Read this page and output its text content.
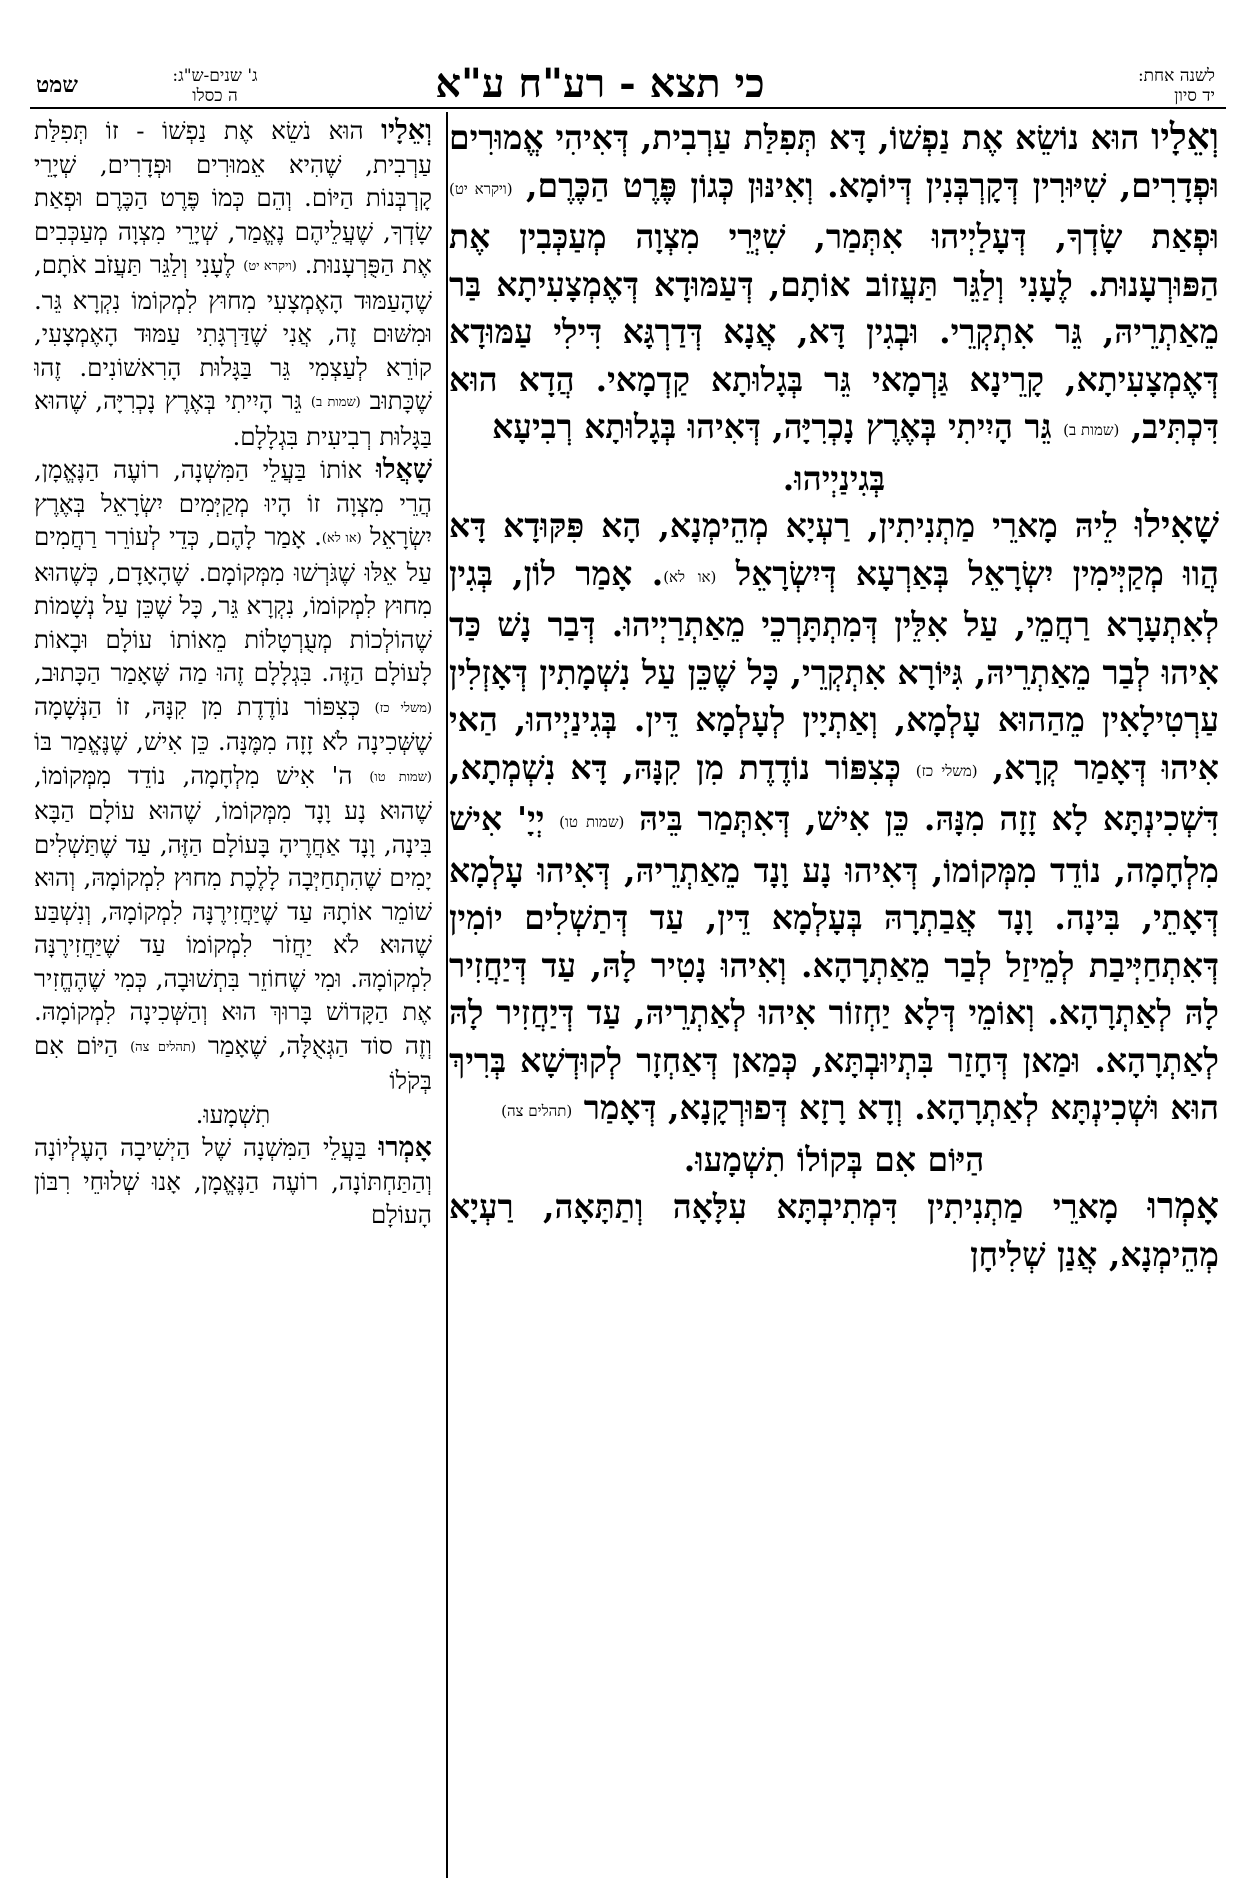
לשנה אחת:
יד סיון
כי תצא - רע"ח ע"א
ג' שנים-ש"ג:
ה כסלו
שמט

וְאֵלָיו הוּא נוֹשֵׂא אֶת נַפְשׁוֹ, דָּא תְּפִלַּת עַרְבִית, דְּאִיהִי אֱמוּרִים וּפְדָרִים, שִׁיּוּרִין דְּקָרְבְּנִין דְּיוֹמָא. וְאִינּוּן כְּגוֹן פֶּרֶט הַכֶּרֶם, (ויקרא יט) וּפְאַת שָׂדְךָ, דְּעָלַיְיהוּ אִתְּמַר, שִׁיְּרֵי מִצְוָה מְעַכְּבִין אֶת הַפּוּרְעָנוּת. לֶעָנִי וְלַגֵּר תַּעֲזוֹב אוֹתָם, דְּעַמּוּדָא דְּאֶמְצָעִיתָא בַּר מֵאַתְרֵיהּ, גֵּר אִתְקְרֵי. וּבְגִין דָּא, אֲנָא דְּדַרְגָּא דִּילִי עַמּוּדָא דְּאֶמְצָעִיתָא, קָרֵינָא גַּרְמָאי גֵּר בְּגָלוּתָא קַדְמָאי. הֲדָא הוּא דִּכְתִּיב, (שמות ב) גֵּר הָיִיתִי בְּאֶרֶץ נָכְרִיָּה, דְּאִיהוּ בְּגָלוּתָא רְבִיעָא

בְּגִינַיְיהוּ.

שָׁאִילוּ לֵיהּ מָארֵי מַתְנִיתִין, רַעְיָא מְהֵימְנָא, הָא פִּקּוּדָא דָּא הֲווּ מְקַיְּימִין יִשְׂרָאֵל בְּאַרְעָא דְּיִשְׂרָאֵל (או לא). אָמַר לוֹן, בְּגִין לְאִתְעָרָא רַחֲמֵי, עַל אִלֵּין דְּמִתְתָּרְכֵי מֵאַתְרַיְיהוּ. דְּבַר נָשׁ כַּד אִיהוּ לְבַר מֵאַתְרֵיהּ, גִּיּוֹרָא אִתְקְרֵי, כָּל שֶׁכֵּן עַל נִשְׁמָתִין דְּאָזְלִין עַרְטִילָאִין מֵהַהוּא עָלְמָא, וְאַתְיָין לְעָלְמָא דֵּין. בְּגִינַיְיהוּ, הַאי אִיהוּ דְּאָמַר קְרָא, (משלי כז) כְּצִפּוֹר נוֹדֶדֶת מִן קִנָּהּ, דָּא נִשְׁמְתָא, דִּשְׁכִינְתָּא לָא זָזָה מִנָּהּ. כֵּן אִישׁ, דְּאִתְּמַר בֵּיהּ (שמות טו) יְיָ' אִישׁ מִלְחָמָה, נוֹדֵד מִמְּקוֹמוֹ, דְּאִיהוּ נָע וָנָד מֵאַתְרֵיהּ, דְּאִיהוּ עָלְמָא דְּאָתֵי, בִּינָה. וָנָד אֲבַתְרָהּ בְּעָלְמָא דֵּין, עַד דְּתַשְׁלִים יוֹמִין דְּאִתְחַיְּיבַת לְמֵיזַל לְבַר מֵאַתְרָהָא. וְאִיהוּ נָטִיר לָהּ, עַד דְּיַחֲזִיר לָהּ לְאַתְרָהָא. וְאוֹמֵי דְּלָא יַחְזוֹר אִיהוּ לְאַתְרֵיהּ, עַד דְּיַחֲזִיר לָהּ לְאַתְרָהָא. וּמַאן דְּחָזַר בִּתְיוּבְתָּא, כְּמַאן דְּאַחְזָר לְקוּדְשָׁא בְּרִיךְ הוּא וּשְׁכִינְתָּא לְאַתְרָהָא. וְדָא רָזָא דְּפוּרְקָנָא, דְּאָמַר (תהלים צה)

הַיּוֹם אִם בְּקוֹלוֹ תִשְׁמָעוּ.

אָמְרוּ מָארֵי מַתְנִיתִין דִּמְתִיבְתָּא עִלָּאָה וְתַתָּאָה, רַעְיָא מְהֵימְנָא, אֲנַן שְׁלִיחָן

וְאֵלָיו הוּא נֹשֵׂא אֶת נַפְשׁוֹ - זוֹ תְּפִלַּת עַרְבִית, שֶׁהִיא אֵמוּרִים וּפְדָרִים, שְׁיָרֵי קָרְבְּנוֹת הַיּוֹם. וְהֵם כְּמוֹ פֶּרֶט הַכֶּרֶם וּפְאַת שָׂדְךָ, שֶׁעֲלֵיהֶם נֶאֱמַר, שְׁיָרֵי מִצְוָה מְעַכְּבִים אֶת הַפֻּרְעָנוּת. (ויקרא יט) לֶעָנִי וְלַגֵּר תַּעֲזֹב אֹתָם, שֶׁהָעַמּוּד הָאֶמְצָעִי מִחוּץ לִמְקוֹמוֹ נִקְרָא גֵּר. וּמִשּׁוּם זֶה, אֲנִי שֶׁדַּרְגָּתִי עַמּוּד הָאֶמְצָעִי, קוֹרֵא לְעַצְמִי גֵּר בַּגָּלוּת הָרִאשׁוֹנִים. זֶהוּ שֶׁכָּתוּב (שמות ב) גֵּר הָיִיתִי בְּאֶרֶץ נָכְרִיָּה, שֶׁהוּא בַּגָּלוּת רְבִיעִית בִּגְלָלָם.

שָׁאֲלוּ אוֹתוֹ בַּעֲלֵי הַמִּשְׁנָה, רוֹעֶה הַנֶּאֱמָן, הֲרֵי מִצְוָה זוֹ הָיוּ מְקַיְּמִים יִשְׂרָאֵל בְּאֶרֶץ יִשְׂרָאֵל (או לא). אָמַר לָהֶם, כְּדֵי לְעוֹרֵר רַחֲמִים עַל אֵלּוּ שֶׁגֹּרְשׁוּ מִמְּקוֹמָם. שֶׁהָאָדָם, כְּשֶׁהוּא מִחוּץ לִמְקוֹמוֹ, נִקְרָא גֵּר, כָּל שֶׁכֵּן עַל נְשָׁמוֹת שֶׁהוֹלְכוֹת מְעֻרְטָלוֹת מֵאוֹתוֹ עוֹלָם וּבָאוֹת לָעוֹלָם הַזֶּה. בִּגְלָלָם זֶהוּ מַה שֶּׁאָמַר הַכָּתוּב, (משלי כז) כְּצִפּוֹר נוֹדֶדֶת מִן קִנָּהּ, זוֹ הַנְּשָׁמָה שֶׁשְּׁכִינָה לֹא זָזָה מִמֶּנָּה. כֵּן אִישׁ, שֶׁנֶּאֱמַר בּוֹ (שמות טו) ה' אִישׁ מִלְחָמָה, נוֹדֵד מִמְּקוֹמוֹ, שֶׁהוּא נָע וָנָד מִמְּקוֹמוֹ, שֶׁהוּא עוֹלָם הַבָּא בִּינָה, וָנָד אַחֲרֶיהָ בָּעוֹלָם הַזֶּה, עַד שֶׁתַּשְׁלִים יָמִים שֶׁהִתְחַיְּבָה לָלֶכֶת מִחוּץ לִמְקוֹמָהּ, וְהוּא שׁוֹמֵר אוֹתָהּ עַד שֶׁיַּחֲזִירֶנָּה לִמְקוֹמָהּ, וְנִשְׁבַּע שֶׁהוּא לֹא יַחֲזֹר לִמְקוֹמוֹ עַד שֶׁיַּחֲזִירֶנָּה לִמְקוֹמָהּ. וּמִי שֶׁחוֹזֵר בִּתְשׁוּבָה, כְּמִי שֶׁהֶחֱזִיר אֶת הַקָּדוֹשׁ בָּרוּךְ הוּא וְהַשְּׁכִינָה לִמְקוֹמָהּ. וְזֶה סוֹד הַגְּאֻלָּה, שֶׁאָמַר (תהלים צה) הַיּוֹם אִם בְּקֹלוֹ

תִשְׁמָעוּ.

אָמְרוּ בַּעֲלֵי הַמִּשְׁנָה שֶׁל הַיְשִׁיבָה הָעֶלְיוֹנָה וְהַתַּחְתּוֹנָה, רוֹעֶה הַנֶּאֱמָן, אָנוּ שְׁלוּחֵי רִבּוֹן הָעוֹלָם
